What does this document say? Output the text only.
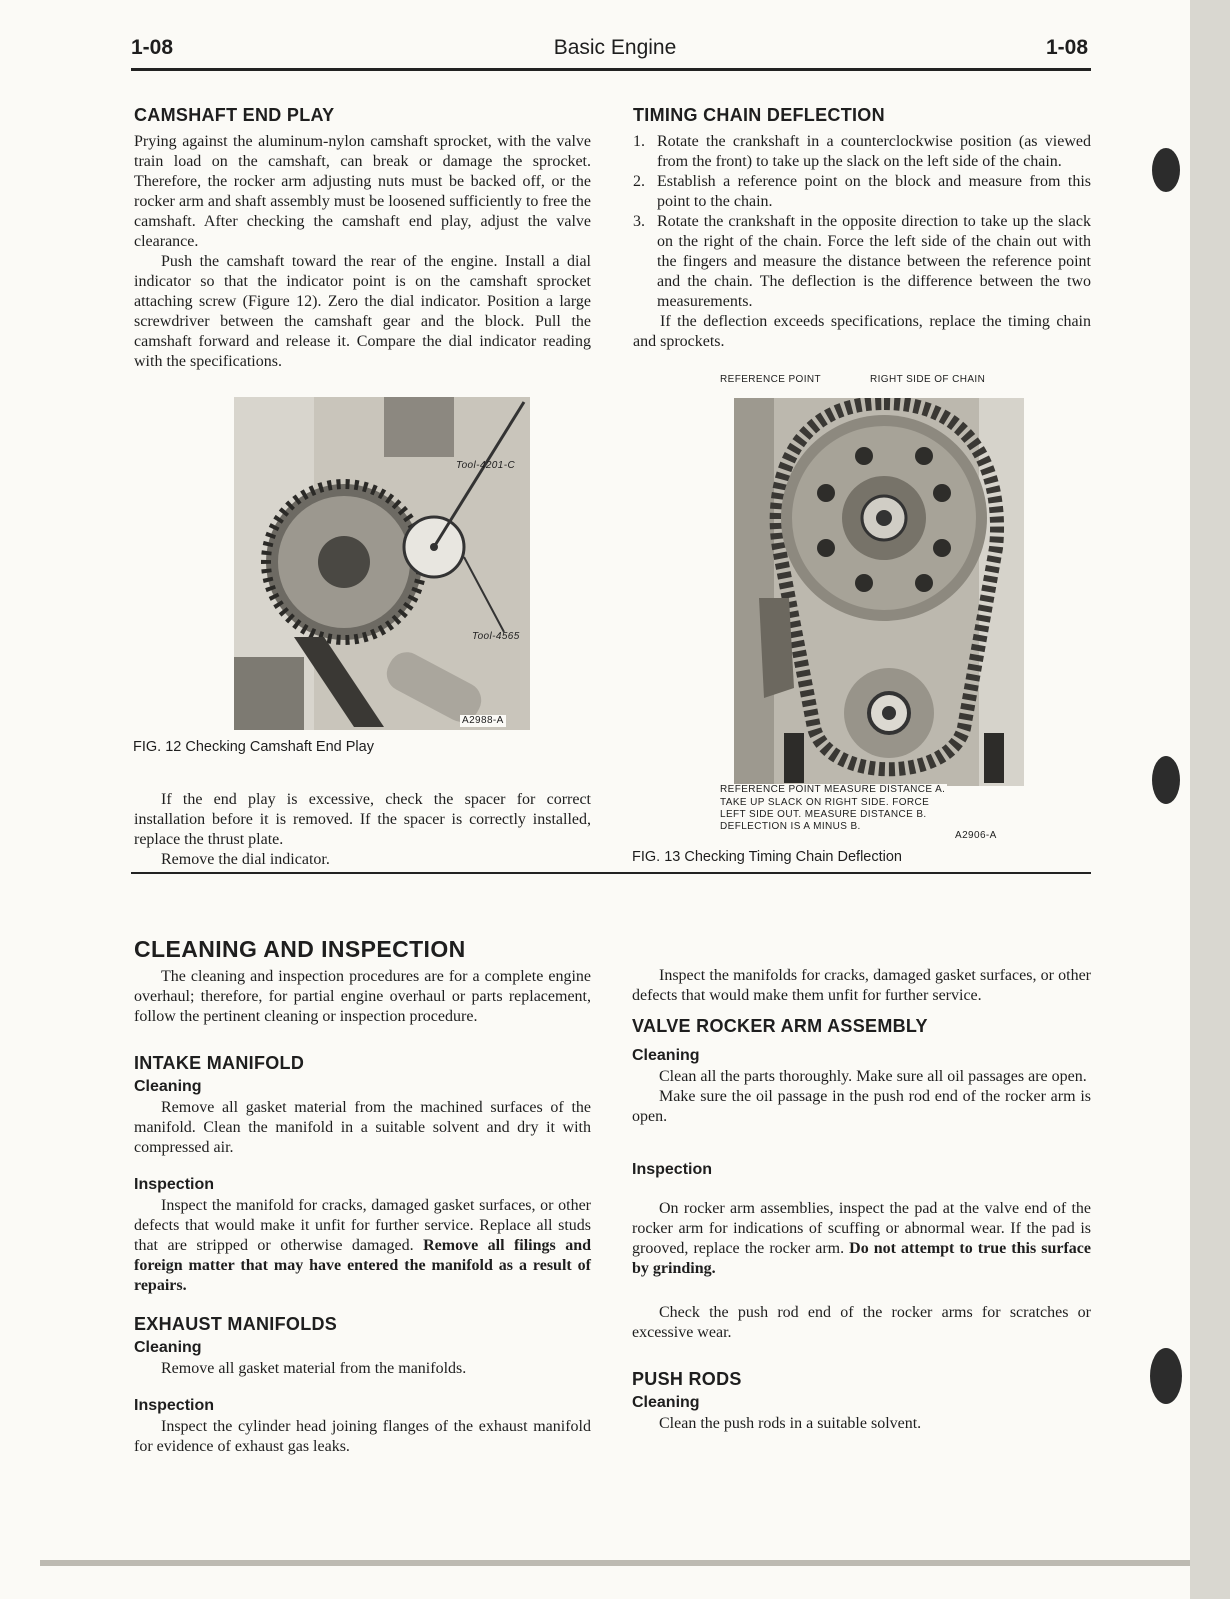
1-08	Basic Engine	1-08
CAMSHAFT END PLAY

Prying against the aluminum-nylon camshaft sprocket, with the valve train load on the camshaft, can break or damage the sprocket. Therefore, the rocker arm adjusting nuts must be backed off, or the rocker arm and shaft assembly must be loosened sufficiently to free the camshaft. After checking the camshaft end play, adjust the valve clearance.

Push the camshaft toward the rear of the engine. Install a dial indicator so that the indicator point is on the camshaft sprocket attaching screw (Figure 12). Zero the dial indicator. Position a large screwdriver between the camshaft gear and the block. Pull the camshaft forward and release it. Compare the dial indicator reading with the specifications.

Tool-4201-C
Tool-4565
A2988-A
FIG. 12 Checking Camshaft End Play

If the end play is excessive, check the spacer for correct installation before it is removed. If the spacer is correctly installed, replace the thrust plate.

Remove the dial indicator.

TIMING CHAIN DEFLECTION
1. Rotate the crankshaft in a counterclockwise position (as viewed from the front) to take up the slack on the left side of the chain.
2. Establish a reference point on the block and measure from this point to the chain.
3. Rotate the crankshaft in the opposite direction to take up the slack on the right of the chain. Force the left side of the chain out with the fingers and measure the distance between the reference point and the chain. The deflection is the difference between the two measurements.

If the deflection exceeds specifications, replace the timing chain and sprockets.

REFERENCE POINT	RIGHT SIDE OF CHAIN
REFERENCE POINT MEASURE DISTANCE A.
TAKE UP SLACK ON RIGHT SIDE. FORCE
LEFT SIDE OUT. MEASURE DISTANCE B.
DEFLECTION IS A MINUS B.
A2906-A
FIG. 13 Checking Timing Chain Deflection
CLEANING AND INSPECTION

The cleaning and inspection procedures are for a complete engine overhaul; therefore, for partial engine overhaul or parts replacement, follow the pertinent cleaning or inspection procedure.

INTAKE MANIFOLD
Cleaning

Remove all gasket material from the machined surfaces of the manifold. Clean the manifold in a suitable solvent and dry it with compressed air.

Inspection

Inspect the manifold for cracks, damaged gasket surfaces, or other defects that would make it unfit for further service. Replace all studs that are stripped or otherwise damaged. Remove all filings and foreign matter that may have entered the manifold as a result of repairs.

EXHAUST MANIFOLDS
Cleaning

Remove all gasket material from the manifolds.

Inspection

Inspect the cylinder head joining flanges of the exhaust manifold for evidence of exhaust gas leaks.

Inspect the manifolds for cracks, damaged gasket surfaces, or other defects that would make them unfit for further service.

VALVE ROCKER ARM ASSEMBLY
Cleaning

Clean all the parts thoroughly. Make sure all oil passages are open.

Make sure the oil passage in the push rod end of the rocker arm is open.

Inspection

On rocker arm assemblies, inspect the pad at the valve end of the rocker arm for indications of scuffing or abnormal wear. If the pad is grooved, replace the rocker arm. Do not attempt to true this surface by grinding.

Check the push rod end of the rocker arms for scratches or excessive wear.

PUSH RODS
Cleaning

Clean the push rods in a suitable solvent.
